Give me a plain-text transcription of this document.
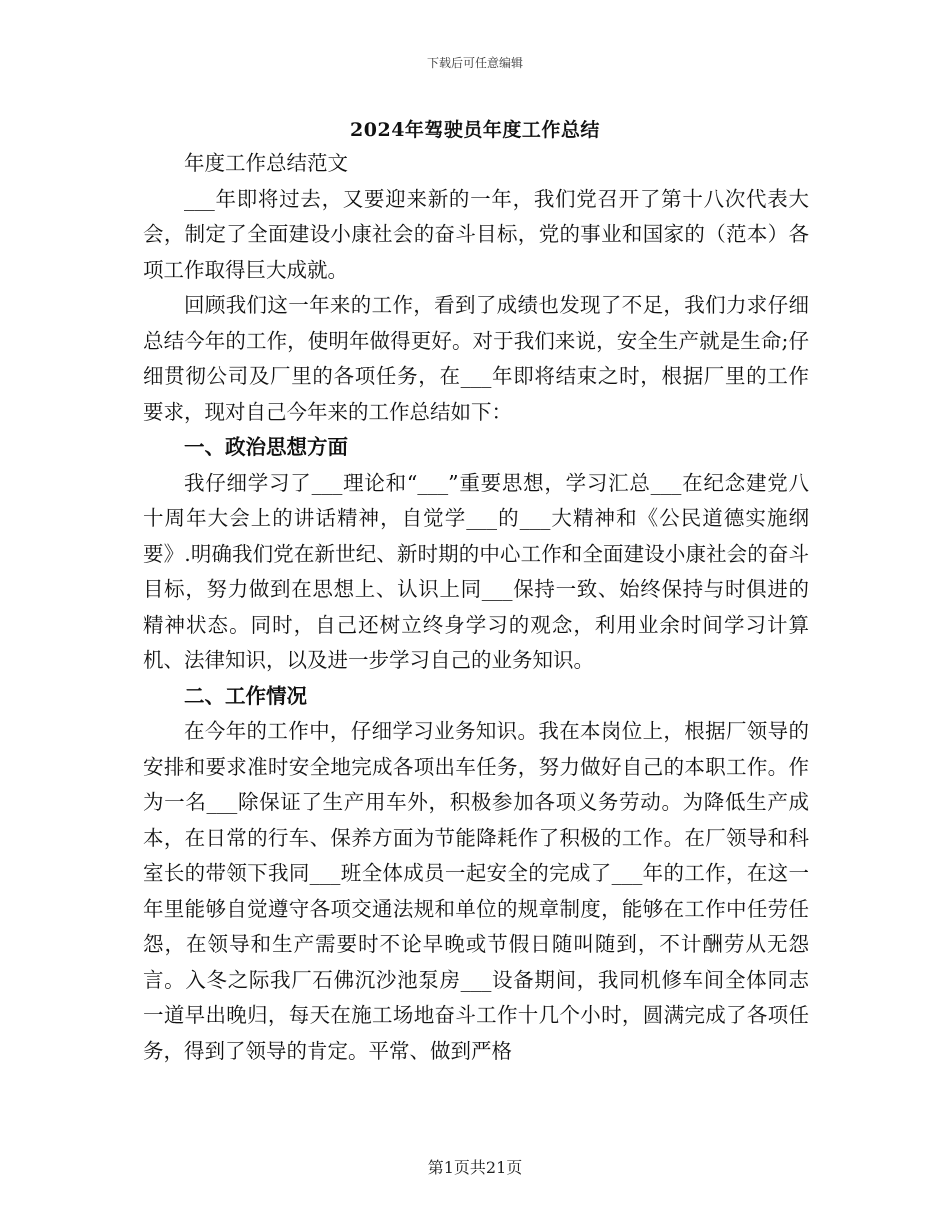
下载后可任意编辑
2024年驾驶员年度工作总结

年度工作总结范文

___年即将过去，又要迎来新的一年，我们党召开了第十八次代表大会，制定了全面建设小康社会的奋斗目标，党的事业和国家的（范本）各项工作取得巨大成就。

回顾我们这一年来的工作，看到了成绩也发现了不足，我们力求仔细总结今年的工作，使明年做得更好。对于我们来说，安全生产就是生命;仔细贯彻公司及厂里的各项任务，在___年即将结束之时，根据厂里的工作要求，现对自己今年来的工作总结如下：

一、政治思想方面

我仔细学习了___理论和“___”重要思想，学习汇总___在纪念建党八十周年大会上的讲话精神，自觉学___的___大精神和《公民道德实施纲要》.明确我们党在新世纪、新时期的中心工作和全面建设小康社会的奋斗目标，努力做到在思想上、认识上同___保持一致、始终保持与时俱进的精神状态。同时，自己还树立终身学习的观念，利用业余时间学习计算机、法律知识，以及进一步学习自己的业务知识。

二、工作情况

在今年的工作中，仔细学习业务知识。我在本岗位上，根据厂领导的安排和要求准时安全地完成各项出车任务，努力做好自己的本职工作。作为一名___除保证了生产用车外，积极参加各项义务劳动。为降低生产成本，在日常的行车、保养方面为节能降耗作了积极的工作。在厂领导和科室长的带领下我同___班全体成员一起安全的完成了___年的工作，在这一年里能够自觉遵守各项交通法规和单位的规章制度，能够在工作中任劳任怨，在领导和生产需要时不论早晚或节假日随叫随到，不计酬劳从无怨言。入冬之际我厂石佛沉沙池泵房___设备期间，我同机修车间全体同志一道早出晚归，每天在施工场地奋斗工作十几个小时，圆满完成了各项任务，得到了领导的肯定。平常、做到严格

第1页共21页
